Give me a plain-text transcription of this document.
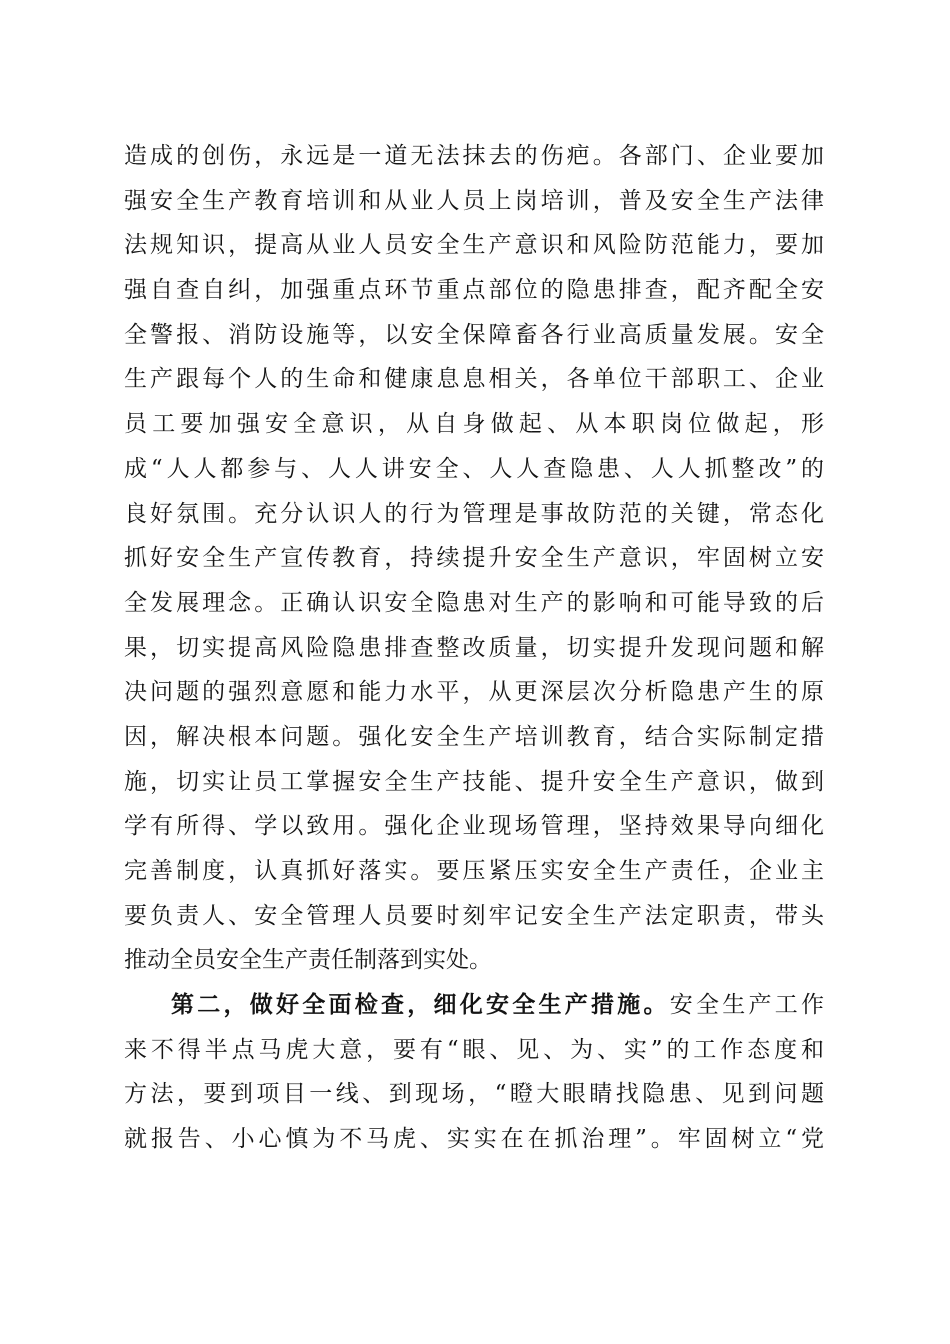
造成的创伤，永远是一道无法抹去的伤疤。各部门、企业要加
强安全生产教育培训和从业人员上岗培训，普及安全生产法律
法规知识，提高从业人员安全生产意识和风险防范能力，要加
强自查自纠，加强重点环节重点部位的隐患排查，配齐配全安
全警报、消防设施等，以安全保障畜各行业高质量发展。安全
生产跟每个人的生命和健康息息相关，各单位干部职工、企业
员工要加强安全意识，从自身做起、从本职岗位做起，形
成“人人都参与、人人讲安全、人人查隐患、人人抓整改”的
良好氛围。充分认识人的行为管理是事故防范的关键，常态化
抓好安全生产宣传教育，持续提升安全生产意识，牢固树立安
全发展理念。正确认识安全隐患对生产的影响和可能导致的后
果，切实提高风险隐患排查整改质量，切实提升发现问题和解
决问题的强烈意愿和能力水平，从更深层次分析隐患产生的原
因，解决根本问题。强化安全生产培训教育，结合实际制定措
施，切实让员工掌握安全生产技能、提升安全生产意识，做到
学有所得、学以致用。强化企业现场管理，坚持效果导向细化
完善制度，认真抓好落实。要压紧压实安全生产责任，企业主
要负责人、安全管理人员要时刻牢记安全生产法定职责，带头
推动全员安全生产责任制落到实处。
第二，做好全面检查，细化安全生产措施。安全生产工作
来不得半点马虎大意，要有“眼、见、为、实”的工作态度和
方法，要到项目一线、到现场，“瞪大眼睛找隐患、见到问题
就报告、小心慎为不马虎、实实在在抓治理”。牢固树立“党
